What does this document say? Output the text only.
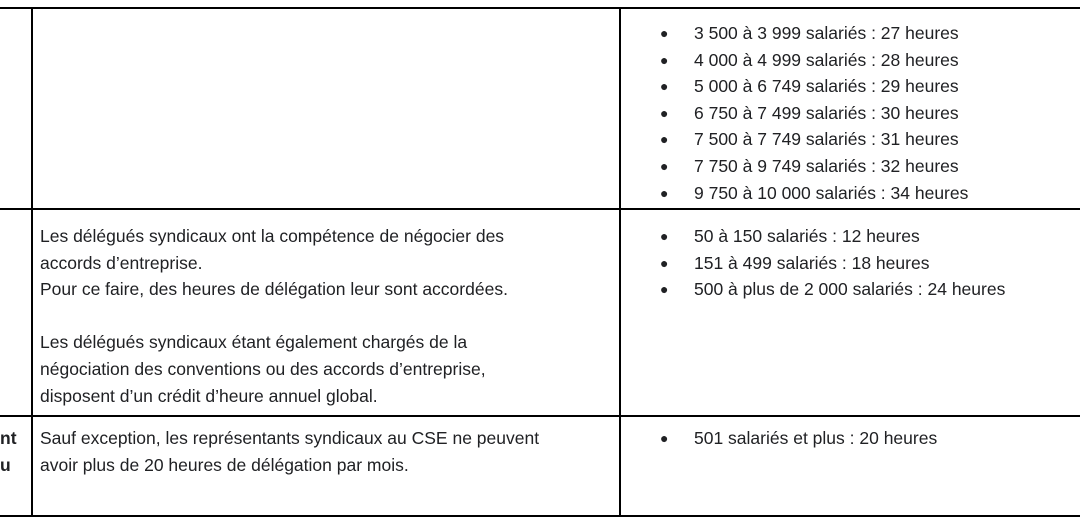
● 3 500 à 3 999 salariés : 27 heures
● 4 000 à 4 999 salariés : 28 heures
● 5 000 à 6 749 salariés : 29 heures
● 6 750 à 7 499 salariés : 30 heures
● 7 500 à 7 749 salariés : 31 heures
● 7 750 à 9 749 salariés : 32 heures
● 9 750 à 10 000 salariés : 34 heures
Les délégués syndicaux ont la compétence de négocier des
accords d’entreprise.
Pour ce faire, des heures de délégation leur sont accordées.
Les délégués syndicaux étant également chargés de la
négociation des conventions ou des accords d’entreprise,
disposent d’un crédit d’heure annuel global.
● 50 à 150 salariés : 12 heures
● 151 à 499 salariés : 18 heures
● 500 à plus de 2 000 salariés : 24 heures
nt
u
Sauf exception, les représentants syndicaux au CSE ne peuvent
avoir plus de 20 heures de délégation par mois.
● 501 salariés et plus : 20 heures
